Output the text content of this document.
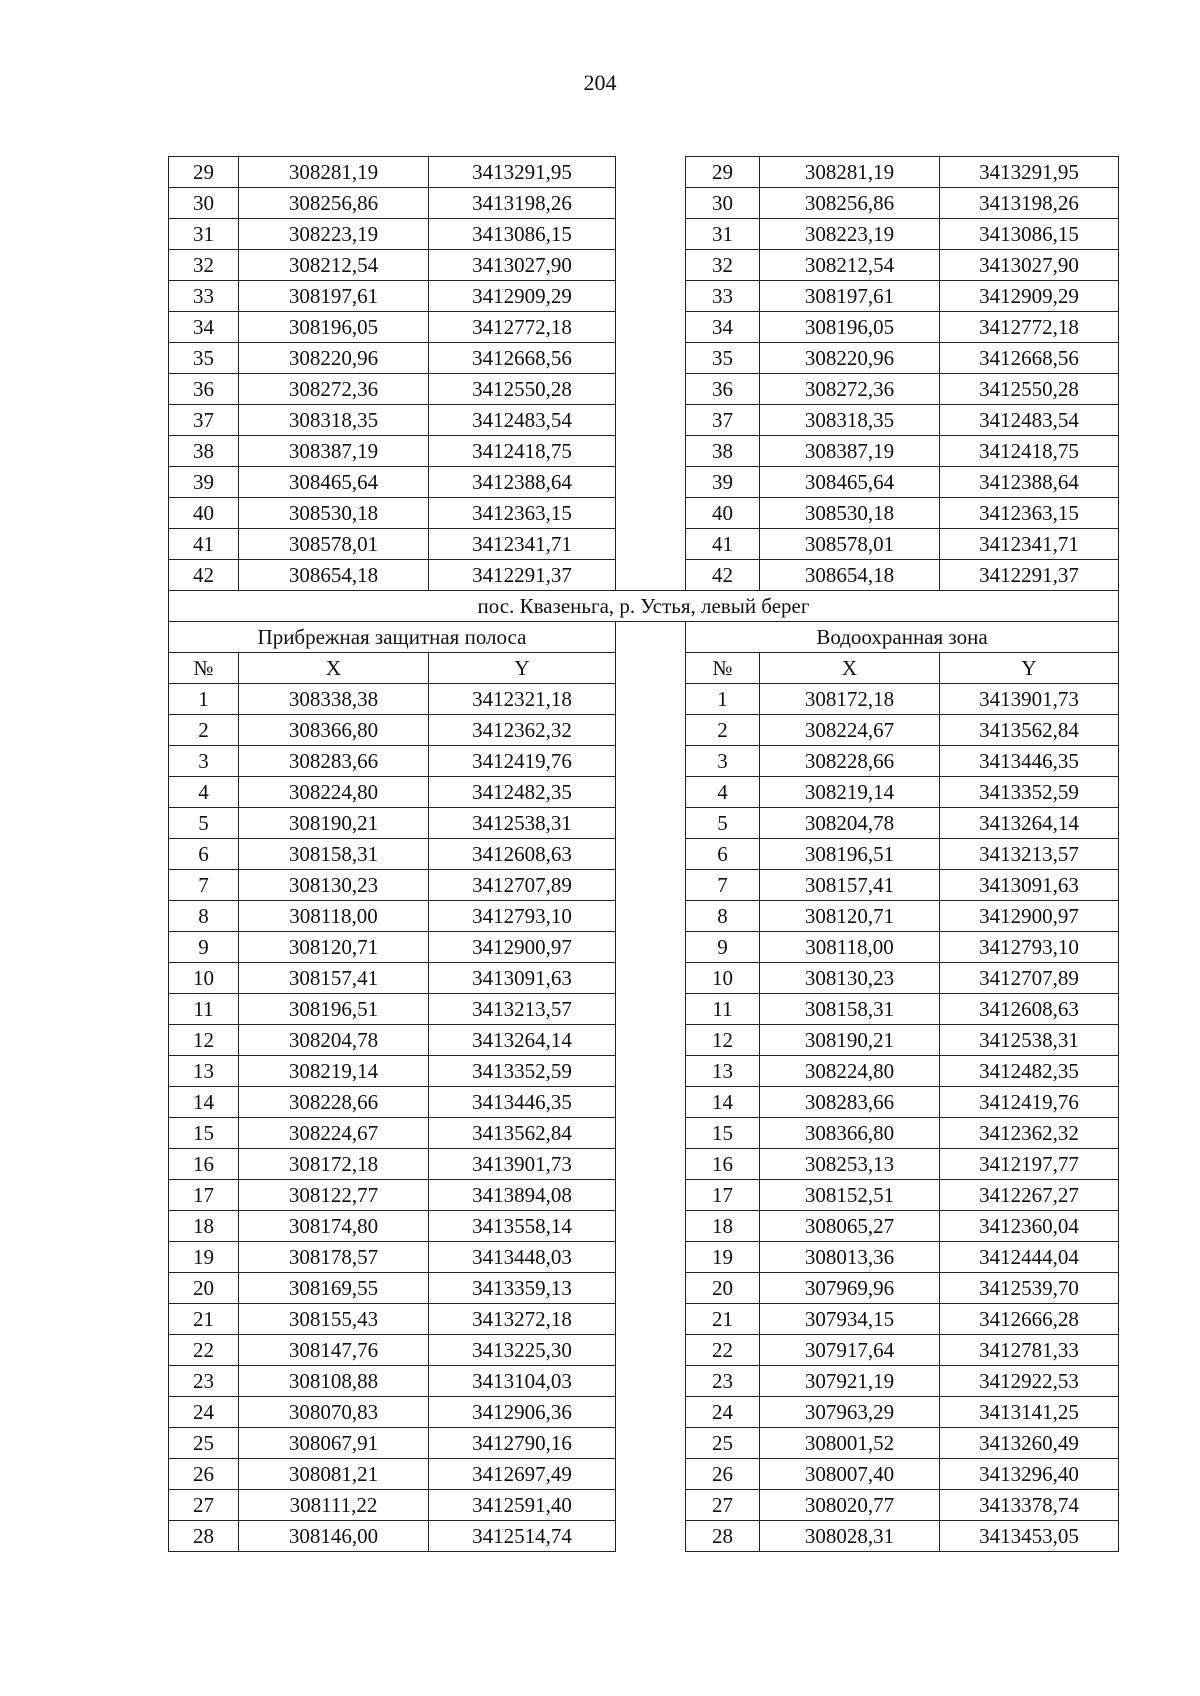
204
29	308281,19	3413291,95		29	308281,19	3413291,95
30	308256,86	3413198,26		30	308256,86	3413198,26
31	308223,19	3413086,15		31	308223,19	3413086,15
32	308212,54	3413027,90		32	308212,54	3413027,90
33	308197,61	3412909,29		33	308197,61	3412909,29
34	308196,05	3412772,18		34	308196,05	3412772,18
35	308220,96	3412668,56		35	308220,96	3412668,56
36	308272,36	3412550,28		36	308272,36	3412550,28
37	308318,35	3412483,54		37	308318,35	3412483,54
38	308387,19	3412418,75		38	308387,19	3412418,75
39	308465,64	3412388,64		39	308465,64	3412388,64
40	308530,18	3412363,15		40	308530,18	3412363,15
41	308578,01	3412341,71		41	308578,01	3412341,71
42	308654,18	3412291,37		42	308654,18	3412291,37
пос. Квазеньга, р. Устья, левый берег						
Прибрежная защитная полоса				Водоохранная зона		
№	X	Y		№	X	Y
1	308338,38	3412321,18		1	308172,18	3413901,73
2	308366,80	3412362,32		2	308224,67	3413562,84
3	308283,66	3412419,76		3	308228,66	3413446,35
4	308224,80	3412482,35		4	308219,14	3413352,59
5	308190,21	3412538,31		5	308204,78	3413264,14
6	308158,31	3412608,63		6	308196,51	3413213,57
7	308130,23	3412707,89		7	308157,41	3413091,63
8	308118,00	3412793,10		8	308120,71	3412900,97
9	308120,71	3412900,97		9	308118,00	3412793,10
10	308157,41	3413091,63		10	308130,23	3412707,89
11	308196,51	3413213,57		11	308158,31	3412608,63
12	308204,78	3413264,14		12	308190,21	3412538,31
13	308219,14	3413352,59		13	308224,80	3412482,35
14	308228,66	3413446,35		14	308283,66	3412419,76
15	308224,67	3413562,84		15	308366,80	3412362,32
16	308172,18	3413901,73		16	308253,13	3412197,77
17	308122,77	3413894,08		17	308152,51	3412267,27
18	308174,80	3413558,14		18	308065,27	3412360,04
19	308178,57	3413448,03		19	308013,36	3412444,04
20	308169,55	3413359,13		20	307969,96	3412539,70
21	308155,43	3413272,18		21	307934,15	3412666,28
22	308147,76	3413225,30		22	307917,64	3412781,33
23	308108,88	3413104,03		23	307921,19	3412922,53
24	308070,83	3412906,36		24	307963,29	3413141,25
25	308067,91	3412790,16		25	308001,52	3413260,49
26	308081,21	3412697,49		26	308007,40	3413296,40
27	308111,22	3412591,40		27	308020,77	3413378,74
28	308146,00	3412514,74		28	308028,31	3413453,05
